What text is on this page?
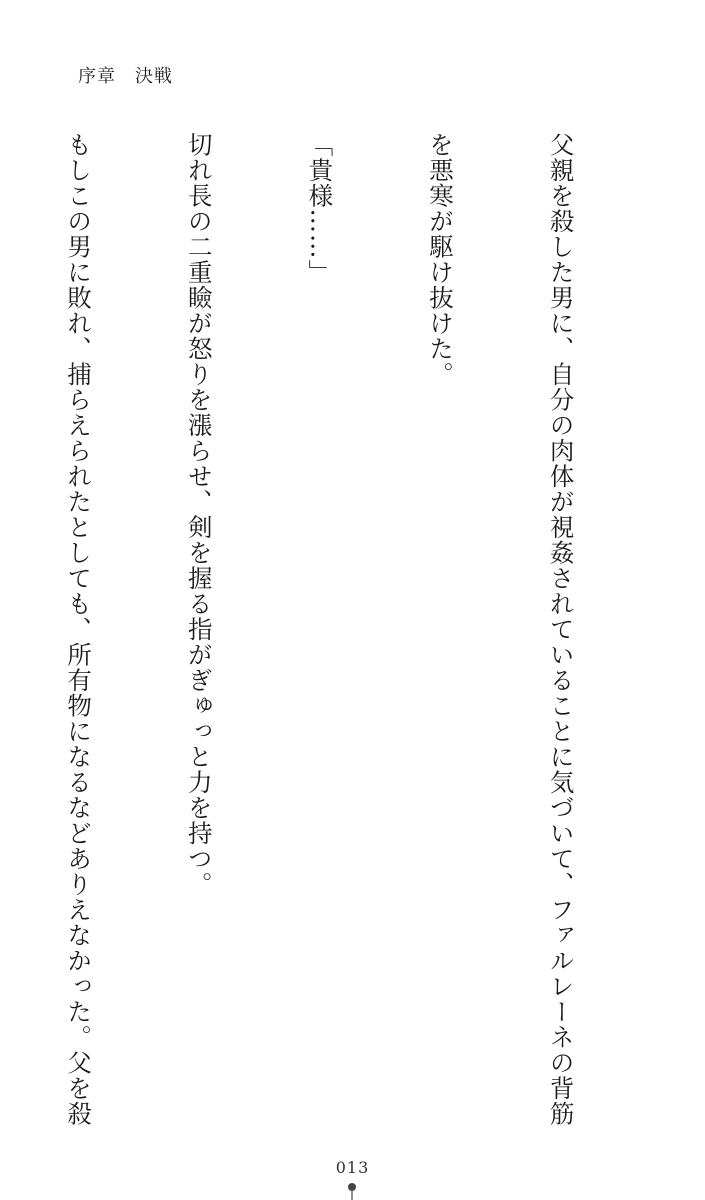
序章　決戦

父親を殺した男に、自分の肉体が視姦されていることに気づいて、ファルレーネの背筋

を悪寒が駆け抜けた。

「貴様……」

切れ長の二重瞼が怒りを漲らせ、剣を握る指がぎゅっと力を持つ。

もしこの男に敗れ、捕らえられたとしても、所有物になるなどありえなかった。父を殺

013
